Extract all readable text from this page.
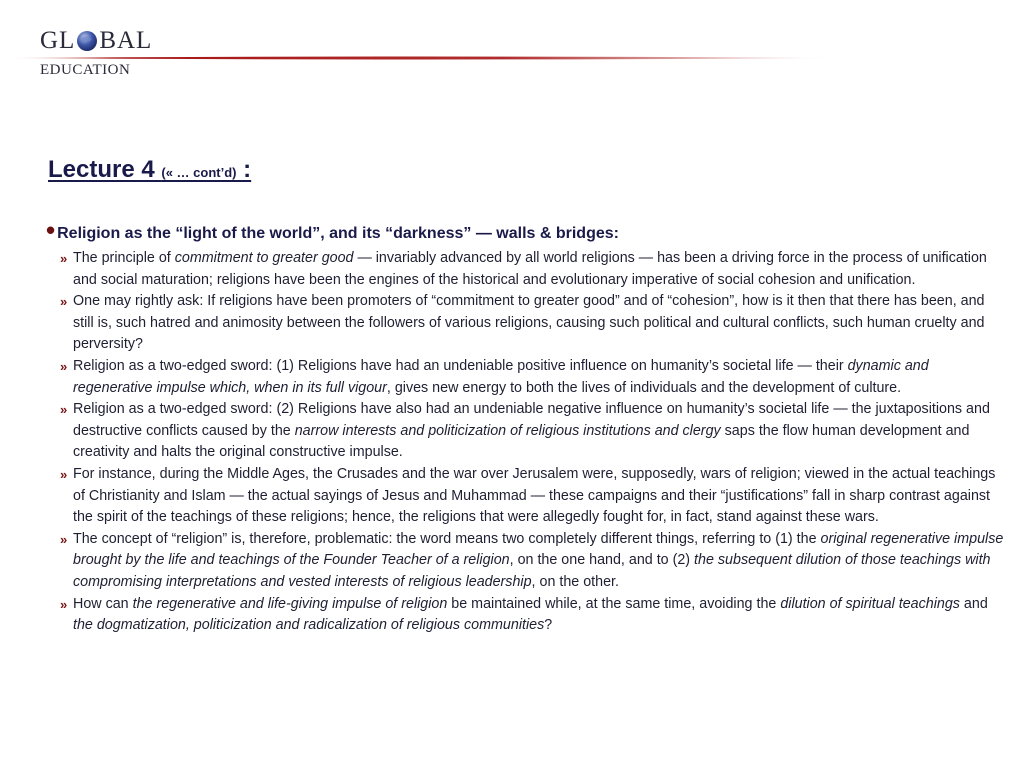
GL BAL
EDUCATION
Lecture 4 (« … cont’d) :
• Religion as the “light of the world”, and its “darkness” — walls & bridges:
» The principle of commitment to greater good — invariably advanced by all world religions — has been a driving force in the process of unification and social maturation; religions have been the engines of the historical and evolutionary imperative of social cohesion and unification.
» One may rightly ask: If religions have been promoters of “commitment to greater good” and of “cohesion”, how is it then that there has been, and still is, such hatred and animosity between the followers of various religions, causing such political and cultural conflicts, such human cruelty and perversity?
» Religion as a two-edged sword: (1) Religions have had an undeniable positive influence on humanity’s societal life — their dynamic and regenerative impulse which, when in its full vigour, gives new energy to both the lives of individuals and the development of culture.
» Religion as a two-edged sword: (2) Religions have also had an undeniable negative influence on humanity’s societal life — the juxtapositions and destructive conflicts caused by the narrow interests and politicization of religious institutions and clergy saps the flow human development and creativity and halts the original constructive impulse.
» For instance, during the Middle Ages, the Crusades and the war over Jerusalem were, supposedly, wars of religion; viewed in the actual teachings of Christianity and Islam — the actual sayings of Jesus and Muhammad — these campaigns and their “justifications” fall in sharp contrast against the spirit of the teachings of these religions; hence, the religions that were allegedly fought for, in fact, stand against these wars.
» The concept of “religion” is, therefore, problematic: the word means two completely different things, referring to (1) the original regenerative impulse brought by the life and teachings of the Founder Teacher of a religion, on the one hand, and to (2) the subsequent dilution of those teachings with compromising interpretations and vested interests of religious leadership, on the other.
» How can the regenerative and life-giving impulse of religion be maintained while, at the same time, avoiding the dilution of spiritual teachings and the dogmatization, politicization and radicalization of religious communities?
